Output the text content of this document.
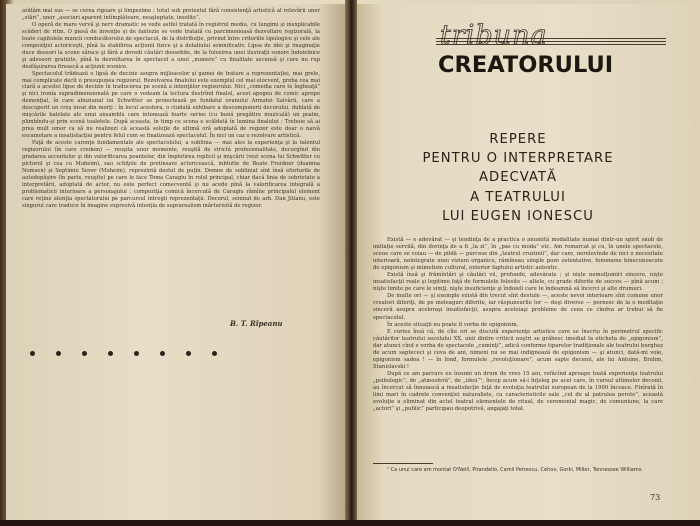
arătăm mai sus — se cerea rigoare şi limpezime ; totul sub pretextul fără consistenţă artistică al relevării unor „stări”, unor „asocieri aparent întîmplătoare, neaşteptate, insolite”.

O operă de mare vervă şi nerv dramatic se vede astfel tratată în registrul mediu, cu lungimi şi inexplicabile scăderi de ritm. O piesă de invenţie şi de fantezie se vede tratată cu parcimonioasă dezvoltare regizorală, la toate capitolele muncii conducătorului de spectacol, de la distribuţie, privind între criteriile tipologice şi cele ale compoziţiei actoriceşti, pînă la stabilirea acţiunii fizice şi a detaliului semnificativ. Lipsa de idei şi imaginaţie duce deseori la scene sărace şi fără a dovedi căutări deosebite, de la folosirea unei ilustraţii sonore îndoielnice şi adeseori gratuite, pînă la dezvoltarea în spectacol a unui „numere” cu finalitate ascunsă şi care nu rup desfăşurarea firească a acţiunii scenice.

Spectacolul trădează o lipsă de decizie asupra mijloacelor şi gamei de tratare a reprezentaţiei, mai grele, mai complicate decît o presupunea regizorul. Rezolvarea finalului este exemplul cel mai elocvent, proba cea mai clară a acestei lipse de decizie în traducerea pe scenă a intenţiilor regizorului. Nici „comedia care te îngheaţă” şi nici ironia supradimensionată pe care o vedeam la lectura ilustrînd finalul, acest apogeu de comic apropo demenţial, în care abuziunul lui Schwitter se proiectează pe fundalul ovanului Armatei Salvării, care a descoperit un creş invat din morţi : în locul acestora, o ciudată exhibare a descompunerii decorului, dublată de mişcările balelate ale unui ansamblu care intonează foarte serios (cu bună pregătire muzicală) un psalm, plimbîndu-şi prin scenă toaletele. După aceasta, în timp ce scena e scăldată în lumina finalului : Trebuie să ai prea mult umor ca să nu realizezi că această soluţie de ultimă oră adoptată de regizor este doar o naivă escamotare a insatisfacţiei pentru felul cum se finalizează spectacolul. În nici un caz o rezolvare artistică.

Faţă de aceste carenţe fundamentale ale spectacolului, a sublinia — mai ales la experienţa şi la talentul regizorului (în care credem) — reuşita unor momente, reuşită de strictă profesionalitate, decurgînd din gradarea accentelor şi din valorificarea poantelor, din împletirea replicii şi mişcării (vezi scena lui Schwitter cu pictorul şi cea cu Muheim), sau schiţele de pretinsare actoricească, inbtutte de Beate Freidner (doamna Nomsen) şi Septimiu Sever (Muheim), reprezintă destul de puţin. Demne de subliniat sînt însă eforturile de autodepăşire (în parte, reuşite) pe care le face Toma Caragiu în rolul principal, chiar dacă linia de sobrietate a interpretării, adoptată de actor, nu este perfect comecventă şi nu acede pînă la valorificarea integrală a problematicii interioare a personajului ; compoziţia comică încercată de Caragiu rămîne principalul element care reţine atenţia spectatorului pe parcursul întregii reprezentaţii. Decorul, semnat de arh. Dan Jitianu, este singurul care traduce în imagine expresivă intenţia de suprarealism mărturisită de regizor.

B. T. Rîpeanu
tribuna
CREATORULUI
REPERE
PENTRU O INTERPRETARE
ADECVATĂ
A TEATRULUI
LUI EUGEN IONESCU

Există — e adevărat — şi tendinţa de a practica o anumită modalitate numai dintr-un spirit snob de imitaţie servilă, din dorinţa de a fi „la zi”, în „pas cu moda” etc. Am remarcat şi cu, în unele spectacole, scene care se voiau — de pildă — purcese din „teatrul cruzimii”, dar care, nerelevînde de nici o necesitate interioară, neintegrate unei viziuni organice, rămîneau simple poze ostentative, fenomene binecunoscute de epigonism şi mimetism cultural, exterior faptului artistic autentic.

Există însă şi frămîntări şi căutări vii, profunde, adevărate ; şi nişte nemulţumiri sincere, nişte insatisfacţii reale şi legitime faţă de formulele folosite — altele, cu grade diferite de succes — pînă acum ; nişte limite pe care le simţi, nişte insuficienţe şi îndoieli care te îndeamnă să încerci şi alte drumuri.

De multe ori — şi exemple există din trecut sînt destule —, aceste nevoi interioare sînt comune unor creatori diferiţi, de pe meleaguri diferite, iar răspunsurile lor — deşi diverse — pornesc de la o meditaţie sinceră asupra aceloraşi insatisfacţii, asupra aceleiaşi probleme de ceea ce cîndva ar trebui să fie spectacolul.

În aceste situaţii nu poate fi vorba de epigonism.

E curios însă că, de cîte ori se discută experienţe artistice care se înscriu în perimetrul specific căutărilor teatrului secolului XX, unii dintre criticii noştri se grăbesc imediat la eticheta de „epigonism”, dar atunci cînd e vorba de spectacole „cuminţi”, adică conforme tiparelor tradiţionale ale teatrului burghez de acum saptececi şi ceva de ani, nimeni nu se mai indignează de epigonism — şi atunci, dată-mi voie, epigonism sadea ! — în fond, formulele „revoluţionare”, acum sapte decenii, ale lui Antoine, Brahm, Stanislavski !

După ce am parcurs eu însumi un drum de vreo 15 ani, refăcînd aproape toată experienţa teatrului „psihologic”, de „atmosferă”, de „ideii”¹, încep acum să-i înţeleg pe acei care, în cursul ultimelor decenii, au încercat să înnoiască a insatisfacţie faţă de evoluţia teatrului european de la 1900 încoace. Fixîrată în limi mari în cadrele convenţiei naturaliste, cu caracteristicile sale „cel de al patrulea perete”, această evoluţie a eliminat din actul teatral elementele de ritual, de ceremonial magic, de comuniune, la care „actori” şi „public” participau deopotrivă, angajaţi total.

¹ Ca unul care am montat O'Neill, Pirandello, Camil Petrescu, Cehov, Gorki, Miller, Tennessee Williams.
73
